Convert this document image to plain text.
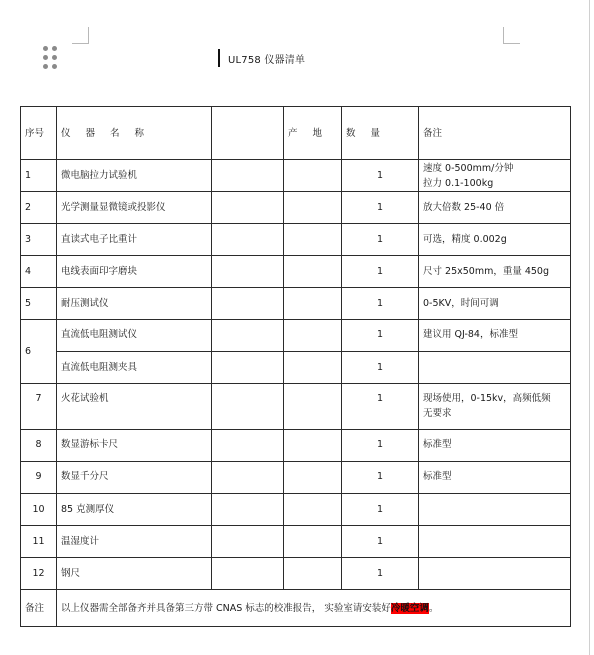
UL758 仪器清单
序号	仪 器 名 称		产 地	数 量	备注
1	微电脑拉力试验机			1	速度 0-500mm/分钟
拉力 0.1-100kg

2	光学测量显微镜或投影仪			1	放大倍数 25-40 倍

3	直读式电子比重计			1	可选，精度 0.002g

4	电线表面印字磨块			1	尺寸 25x50mm，重量 450g

5	耐压测试仪			1	0-5KV，时间可调

6	直流低电阻测试仪			1	建议用 QJ-84，标准型

	直流低电阻测夹具			1	
7	火花试验机			1	现场使用，0-15kv，高频低频
无要求

8	数显游标卡尺			1	标准型

9	数显千分尺			1	标准型

10	85 克测厚仪			1	
11	温湿度计			1	
12	钢尺			1	
备注	以上仪器需全部备齐并具备第三方带 CNAS 标志的校准报告， 实验室请安装好冷暖空调。				
